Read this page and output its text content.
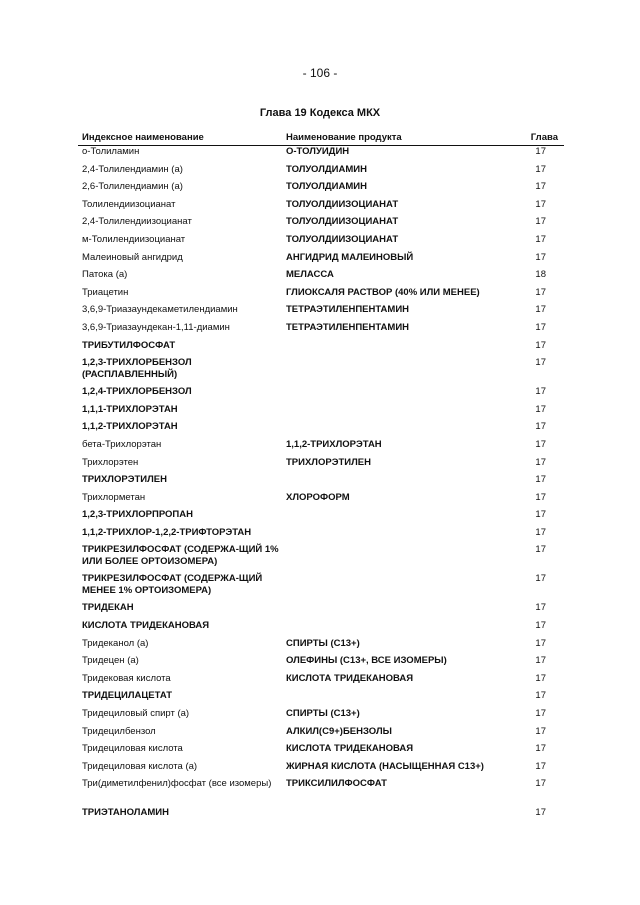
- 106 -
Глава 19 Кодекса МКХ
Индексное наименование	Наименование продукта	Глава
о-Толиламин	О-ТОЛУИДИН	17
2,4-Толилендиамин (а)	ТОЛУОЛДИАМИН	17
2,6-Толилендиамин (а)	ТОЛУОЛДИАМИН	17
Толилендиизоцианат	ТОЛУОЛДИИЗОЦИАНАТ	17
2,4-Толилендиизоцианат	ТОЛУОЛДИИЗОЦИАНАТ	17
м-Толилендиизоцианат	ТОЛУОЛДИИЗОЦИАНАТ	17
Малеиновый ангидрид	АНГИДРИД МАЛЕИНОВЫЙ	17
Патока (а)	МЕЛАССА	18
Триацетин	ГЛИОКСАЛЯ РАСТВОР (40% ИЛИ МЕНЕЕ)	17
3,6,9-Триазаундекаметилендиамин	ТЕТРАЭТИЛЕНПЕНТАМИН	17
3,6,9-Триазаундекан-1,11-диамин	ТЕТРАЭТИЛЕНПЕНТАМИН	17
ТРИБУТИЛФОСФАТ		17
1,2,3-ТРИХЛОРБЕНЗОЛ (РАСПЛАВЛЕННЫЙ)		17
1,2,4-ТРИХЛОРБЕНЗОЛ		17
1,1,1-ТРИХЛОРЭТАН		17
1,1,2-ТРИХЛОРЭТАН		17
бета-Трихлорэтан	1,1,2-ТРИХЛОРЭТАН	17
Трихлорэтен	ТРИХЛОРЭТИЛЕН	17
ТРИХЛОРЭТИЛЕН		17
Трихлорметан	ХЛОРОФОРМ	17
1,2,3-ТРИХЛОРПРОПАН		17
1,1,2-ТРИХЛОР-1,2,2-ТРИФТОРЭТАН		17
ТРИКРЕЗИЛФОСФАТ (СОДЕРЖА-ЩИЙ 1% ИЛИ БОЛЕЕ ОРТОИЗОМЕРА)		17
ТРИКРЕЗИЛФОСФАТ (СОДЕРЖА-ЩИЙ МЕНЕЕ 1% ОРТОИЗОМЕРА)		17
ТРИДЕКАН		17
КИСЛОТА ТРИДЕКАНОВАЯ		17
Тридеканол (а)	СПИРТЫ (С13+)	17
Тридецен (а)	ОЛЕФИНЫ (С13+, ВСЕ ИЗОМЕРЫ)	17
Тридековая кислота	КИСЛОТА ТРИДЕКАНОВАЯ	17
ТРИДЕЦИЛАЦЕТАТ		17
Тридециловый спирт (а)	СПИРТЫ (С13+)	17
Тридецилбензол	АЛКИЛ(С9+)БЕНЗОЛЫ	17
Тридециловая кислота	КИСЛОТА ТРИДЕКАНОВАЯ	17
Тридециловая кислота (а)	ЖИРНАЯ КИСЛОТА (НАСЫЩЕННАЯ С13+)	17
Три(диметилфенил)фосфат (все изомеры)	ТРИКСИЛИЛФОСФАТ	17
ТРИЭТАНОЛАМИН		17
